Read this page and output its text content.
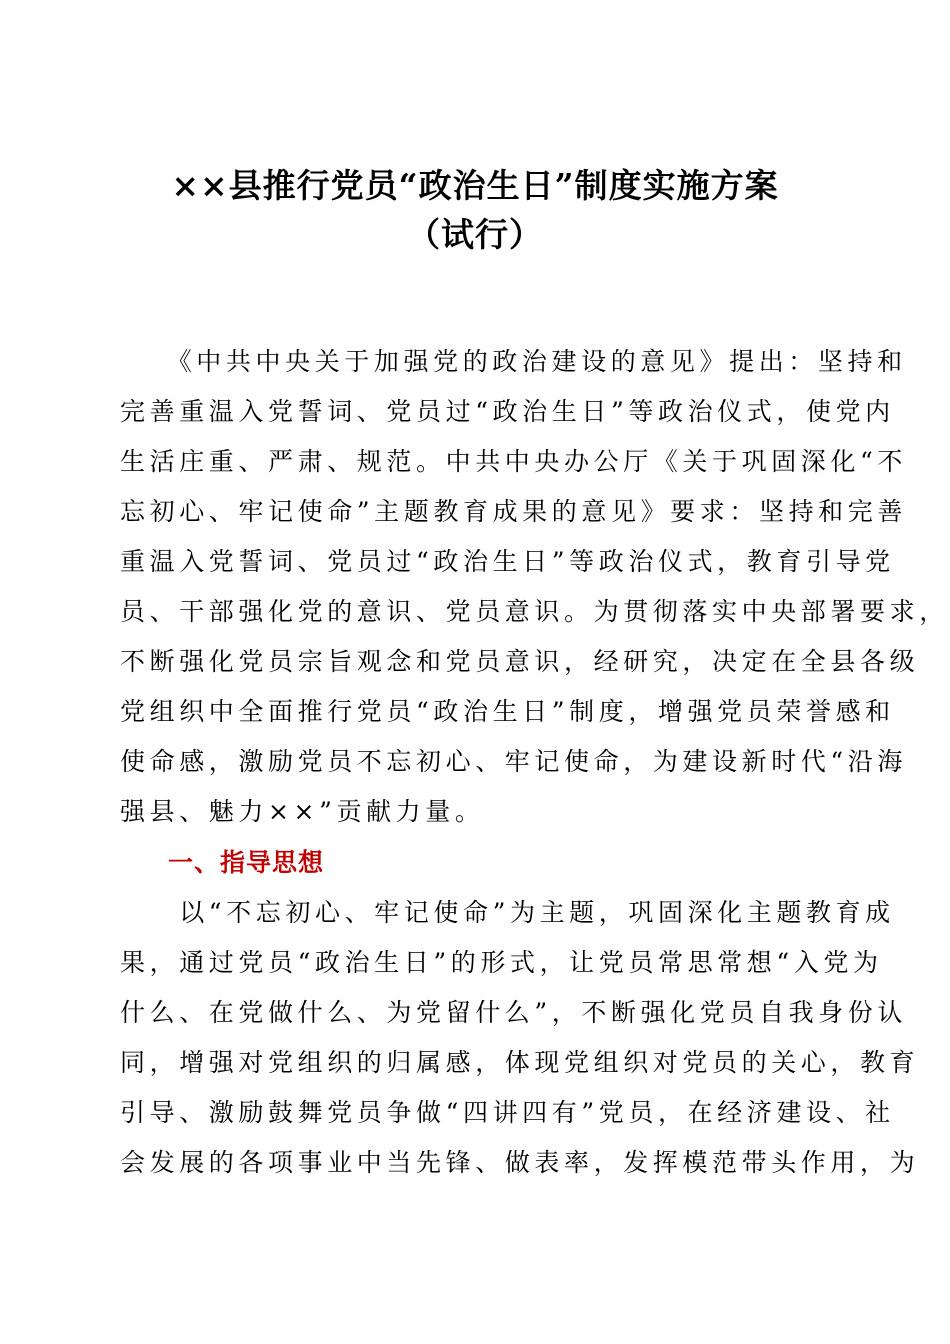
××县推行党员“政治生日”制度实施方案
（试行）
　　《中共中央关于加强党的政治建设的意见》提出：坚持和
完善重温入党誓词、党员过“政治生日”等政治仪式，使党内
生活庄重、严肃、规范。中共中央办公厅《关于巩固深化“不
忘初心、牢记使命”主题教育成果的意见》要求：坚持和完善
重温入党誓词、党员过“政治生日”等政治仪式，教育引导党
员、干部强化党的意识、党员意识。为贯彻落实中央部署要求，
不断强化党员宗旨观念和党员意识，经研究，决定在全县各级
党组织中全面推行党员“政治生日”制度，增强党员荣誉感和
使命感，激励党员不忘初心、牢记使命，为建设新时代“沿海
强县、魅力××”贡献力量。
一、指导思想
　　以“不忘初心、牢记使命”为主题，巩固深化主题教育成
果，通过党员“政治生日”的形式，让党员常思常想“入党为
什么、在党做什么、为党留什么”，不断强化党员自我身份认
同，增强对党组织的归属感，体现党组织对党员的关心，教育
引导、激励鼓舞党员争做“四讲四有”党员，在经济建设、社
会发展的各项事业中当先锋、做表率，发挥模范带头作用，为
